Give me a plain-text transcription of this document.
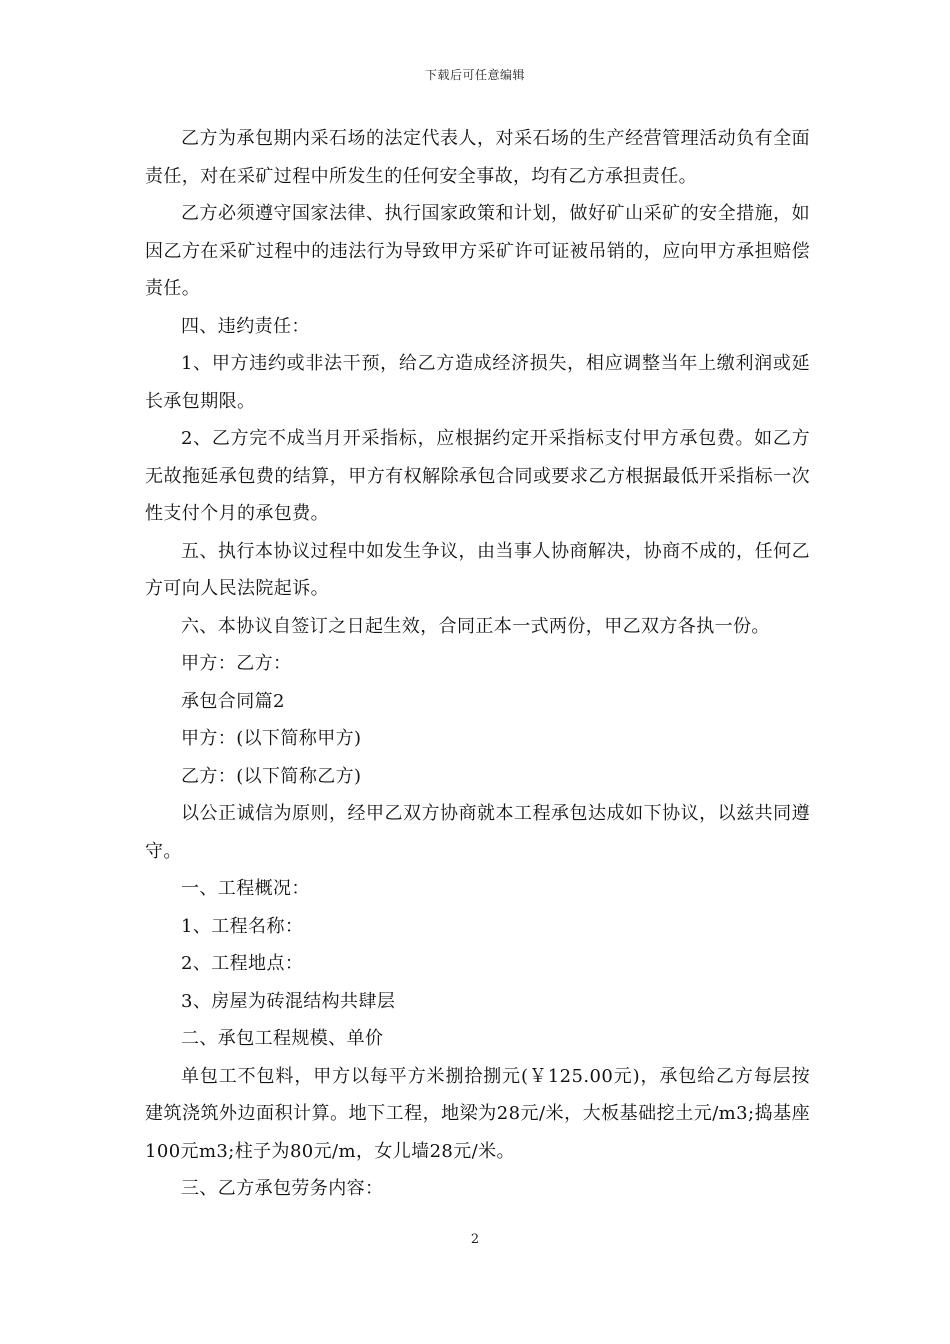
下载后可任意编辑

乙方为承包期内采石场的法定代表人，对采石场的生产经营管理活动负有全面责任，对在采矿过程中所发生的任何安全事故，均有乙方承担责任。

乙方必须遵守国家法律、执行国家政策和计划，做好矿山采矿的安全措施，如因乙方在采矿过程中的违法行为导致甲方采矿许可证被吊销的，应向甲方承担赔偿责任。

四、违约责任：

1、甲方违约或非法干预，给乙方造成经济损失，相应调整当年上缴利润或延长承包期限。

2、乙方完不成当月开采指标，应根据约定开采指标支付甲方承包费。如乙方无故拖延承包费的结算，甲方有权解除承包合同或要求乙方根据最低开采指标一次性支付个月的承包费。

五、执行本协议过程中如发生争议，由当事人协商解决，协商不成的，任何乙方可向人民法院起诉。

六、本协议自签订之日起生效，合同正本一式两份，甲乙双方各执一份。

甲方：乙方：

承包合同篇2

甲方：(以下简称甲方)

乙方：(以下简称乙方)

以公正诚信为原则，经甲乙双方协商就本工程承包达成如下协议，以兹共同遵守。

一、工程概况：

1、工程名称：

2、工程地点：

3、房屋为砖混结构共肆层

二、承包工程规模、单价

单包工不包料，甲方以每平方米捌拾捌元(￥125.00元)，承包给乙方每层按建筑浇筑外边面积计算。地下工程，地梁为28元/米，大板基础挖土元/m3;捣基座100元m3;柱子为80元/m，女儿墙28元/米。

三、乙方承包劳务内容：

2
